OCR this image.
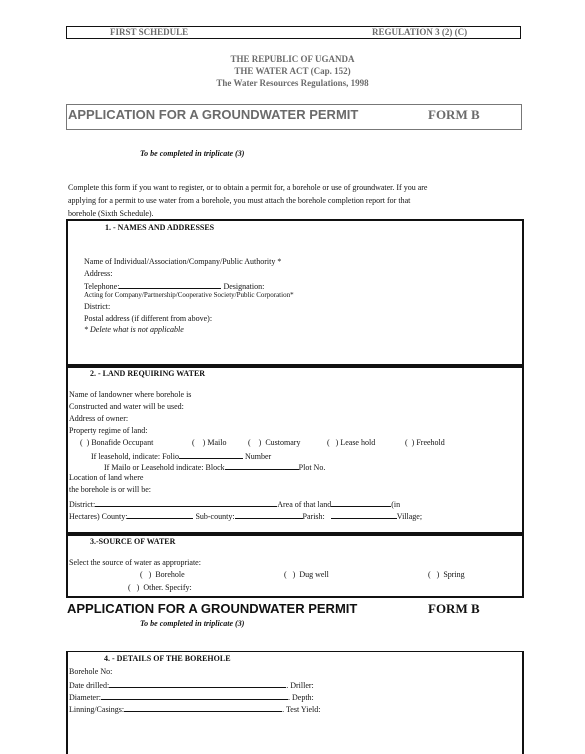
FIRST SCHEDULE	REGULATION 3 (2) (C)
THE REPUBLIC OF UGANDA
THE WATER ACT (Cap. 152)
The Water Resources Regulations, 1998
APPLICATION FOR A GROUNDWATER PERMIT	FORM B
To be completed in triplicate (3)
Complete this form if you want to register, or to obtain a permit for, a borehole or use of groundwater. If you are
applying for a permit to use water from a borehole, you must attach the borehole completion report for that
borehole (Sixth Schedule).
1. - NAMES AND ADDRESSES
Name of Individual/Association/Company/Public Authority *
Address:
Telephone:	Designation:
Acting for Company/Partnership/Cooperative Society/Public Corporation*
District:
Postal address (if different from above):
* Delete what is not applicable
2. - LAND REQUIRING WATER
Name of landowner where borehole is
Constructed and water will be used:
Address of owner:
Property regime of land:
(  ) Bonafide Occupant	(    ) Mailo	(    )  Customary	(   ) Lease hold	(  ) Freehold
If leasehold, indicate: Folio	Number
If Mailo or Leasehold indicate: Block	Plot No.
Location of land where
the borehole is or will be:
District:	Area of that land	(in
Hectares) County:	Sub-county:	Parish:	Village;
3.-SOURCE OF WATER
Select the source of water as appropriate:
(   )  Borehole	(   )  Dug well	(   )  Spring
(   )  Other. Specify:
APPLICATION FOR A GROUNDWATER PERMIT	FORM B
To be completed in triplicate (3)
4. - DETAILS OF THE BOREHOLE
Borehole No:
Date drilled:	. Driller:
Diameter:	. Depth:
Linning/Casings:	. Test Yield:
